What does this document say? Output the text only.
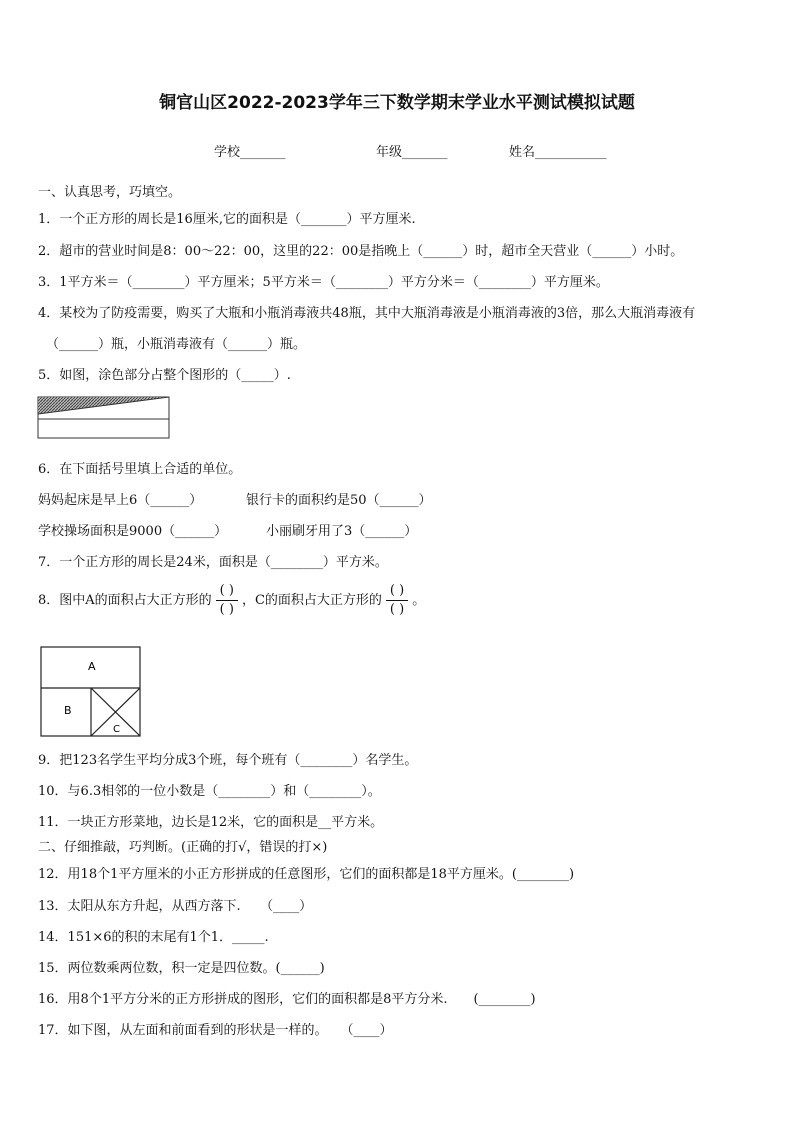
铜官山区2022-2023学年三下数学期末学业水平测试模拟试题
学校_______	年级_______	姓名___________
一、认真思考，巧填空。
1．一个正方形的周长是16厘米,它的面积是（_______）平方厘米.
2．超市的营业时间是8：00～22：00，这里的22：00是指晚上（______）时，超市全天营业（______）小时。
3．1平方米＝（________）平方厘米；5平方米＝（________）平方分米＝（________）平方厘米。
4．某校为了防疫需要，购买了大瓶和小瓶消毒液共48瓶，其中大瓶消毒液是小瓶消毒液的3倍，那么大瓶消毒液有
（______）瓶，小瓶消毒液有（______）瓶。
5．如图，涂色部分占整个图形的（_____）.
6．在下面括号里填上合适的单位。
妈妈起床是早上6（______）	银行卡的面积约是50（______）
学校操场面积是9000（______）	小丽刷牙用了3（______）
7．一个正方形的周长是24米，面积是（________）平方米。
8．图中A的面积占大正方形的 $\frac{( )}{( )}$ ，C的面积占大正方形的 $\frac{( )}{( )}$ 。
A
B
C
9．把123名学生平均分成3个班，每个班有（________）名学生。
10．与6.3相邻的一位小数是（________）和（________）。
11．一块正方形菜地，边长是12米，它的面积是__平方米。
二、仔细推敲，巧判断。(正确的打√，错误的打×)
12．用18个1平方厘米的小正方形拼成的任意图形，它们的面积都是18平方厘米。(________)
13．太阳从东方升起，从西方落下.　　（____）
14．151×6的积的末尾有1个1．_____.
15．两位数乘两位数，积一定是四位数。(______)
16．用8个1平方分米的正方形拼成的图形，它们的面积都是8平方分米.　　(________)
17．如下图，从左面和前面看到的形状是一样的。　　（____）
